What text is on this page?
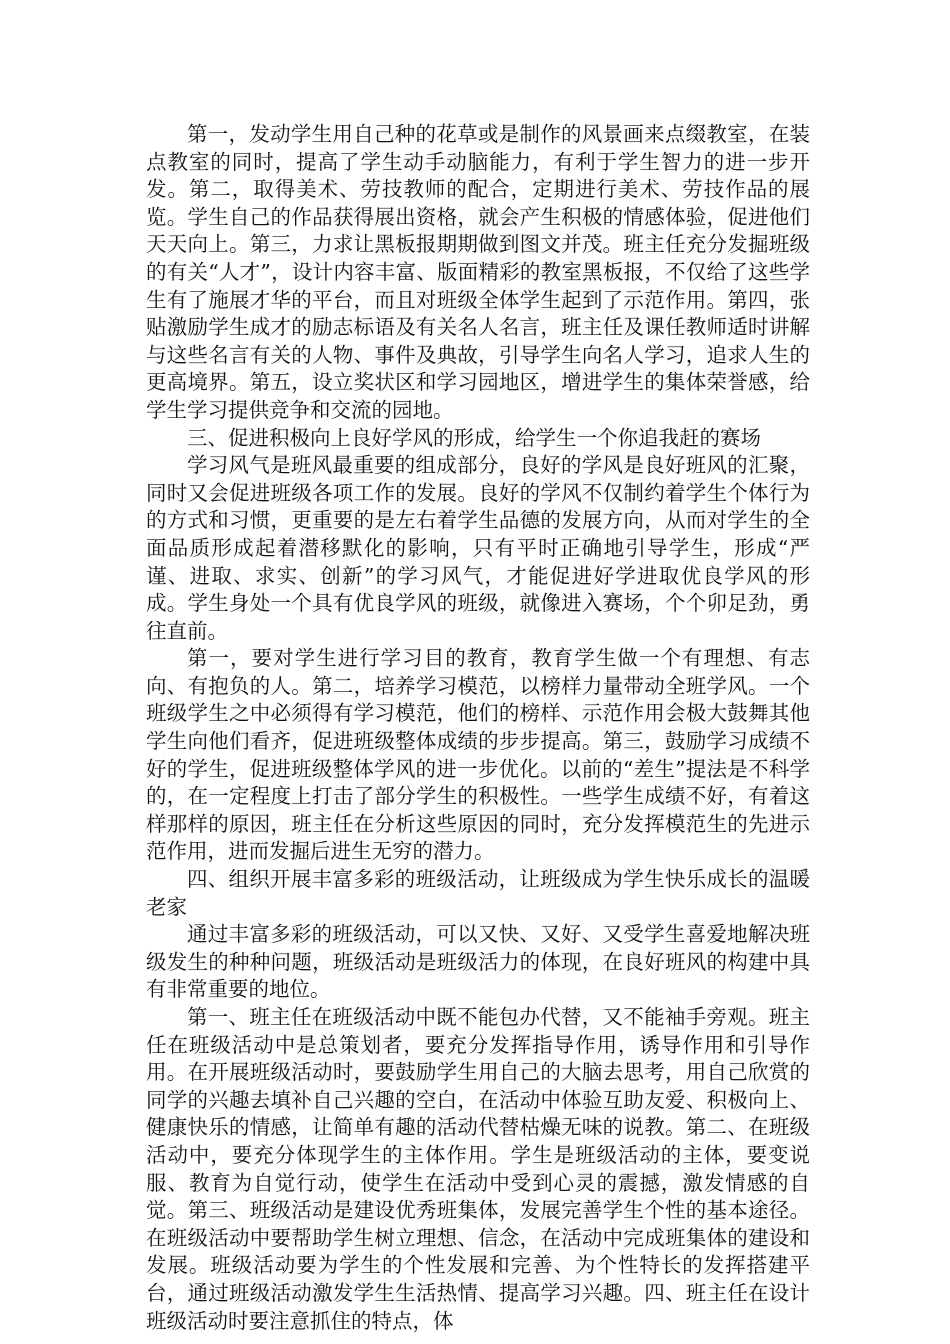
第一，发动学生用自己种的花草或是制作的风景画来点缀教室，在装点教室的同时，提高了学生动手动脑能力，有利于学生智力的进一步开发。第二，取得美术、劳技教师的配合，定期进行美术、劳技作品的展览。学生自己的作品获得展出资格，就会产生积极的情感体验，促进他们天天向上。第三，力求让黑板报期期做到图文并茂。班主任充分发掘班级的有关“人才”，设计内容丰富、版面精彩的教室黑板报，不仅给了这些学生有了施展才华的平台，而且对班级全体学生起到了示范作用。第四，张贴激励学生成才的励志标语及有关名人名言，班主任及课任教师适时讲解与这些名言有关的人物、事件及典故，引导学生向名人学习，追求人生的更高境界。第五，设立奖状区和学习园地区，增进学生的集体荣誉感，给学生学习提供竞争和交流的园地。

三、促进积极向上良好学风的形成，给学生一个你追我赶的赛场

学习风气是班风最重要的组成部分，良好的学风是良好班风的汇聚，同时又会促进班级各项工作的发展。良好的学风不仅制约着学生个体行为的方式和习惯，更重要的是左右着学生品德的发展方向，从而对学生的全面品质形成起着潜移默化的影响，只有平时正确地引导学生，形成“严谨、进取、求实、创新”的学习风气，才能促进好学进取优良学风的形成。学生身处一个具有优良学风的班级，就像进入赛场，个个卯足劲，勇往直前。

第一，要对学生进行学习目的教育，教育学生做一个有理想、有志向、有抱负的人。第二，培养学习模范，以榜样力量带动全班学风。一个班级学生之中必须得有学习模范，他们的榜样、示范作用会极大鼓舞其他学生向他们看齐，促进班级整体成绩的步步提高。第三，鼓励学习成绩不好的学生，促进班级整体学风的进一步优化。以前的“差生”提法是不科学的，在一定程度上打击了部分学生的积极性。一些学生成绩不好，有着这样那样的原因，班主任在分析这些原因的同时，充分发挥模范生的先进示范作用，进而发掘后进生无穷的潜力。

四、组织开展丰富多彩的班级活动，让班级成为学生快乐成长的温暖老家

通过丰富多彩的班级活动，可以又快、又好、又受学生喜爱地解决班级发生的种种问题，班级活动是班级活力的体现，在良好班风的构建中具有非常重要的地位。

第一、班主任在班级活动中既不能包办代替，又不能袖手旁观。班主任在班级活动中是总策划者，要充分发挥指导作用，诱导作用和引导作用。在开展班级活动时，要鼓励学生用自己的大脑去思考，用自己欣赏的同学的兴趣去填补自己兴趣的空白，在活动中体验互助友爱、积极向上、健康快乐的情感，让简单有趣的活动代替枯燥无味的说教。第二、在班级活动中，要充分体现学生的主体作用。学生是班级活动的主体，要变说服、教育为自觉行动，使学生在活动中受到心灵的震撼，激发情感的自觉。第三、班级活动是建设优秀班集体，发展完善学生个性的基本途径。在班级活动中要帮助学生树立理想、信念，在活动中完成班集体的建设和发展。班级活动要为学生的个性发展和完善、为个性特长的发挥搭建平台，通过班级活动激发学生生活热情、提高学习兴趣。四、班主任在设计班级活动时要注意抓住的特点，体
